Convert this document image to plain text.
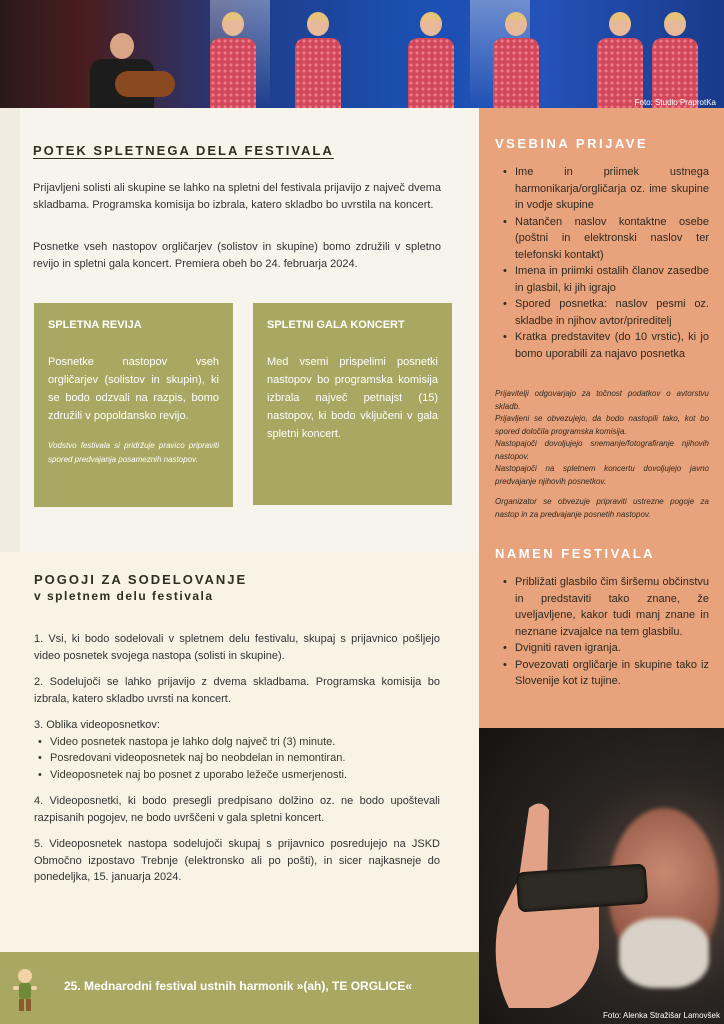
Foto: Studio PraprotKa
POTEK SPLETNEGA DELA FESTIVALA

Prijavljeni solisti ali skupine se lahko na spletni del festivala prijavijo z največ dvema skladbama. Programska komisija bo izbrala, katero skladbo bo uvrstila na koncert.

Posnetke vseh nastopov orgličarjev (solistov in skupine) bomo združili v spletno revijo in spletni gala koncert. Premiera obeh bo 24. februarja 2024.

SPLETNA REVIJA

Posnetke nastopov vseh orgličarjev (solistov in skupin), ki se bodo odzvali na razpis, bomo združili v popoldansko revijo.

Vodstvo festivala si pridržuje pravico pripraviti spored predvajanja posameznih nastopov.

SPLETNI GALA KONCERT

Med vsemi prispelimi posnetki nastopov bo programska komisija izbrala največ petnajst (15) nastopov, ki bodo vključeni v gala spletni koncert.

POGOJI ZA SODELOVANJE
v spletnem delu festivala

1. Vsi, ki bodo sodelovali v spletnem delu festivalu, skupaj s prijavnico pošljejo video posnetek svojega nastopa (solisti in skupine).

2. Sodelujoči se lahko prijavijo z dvema skladbama. Programska komisija bo izbrala, katero skladbo uvrsti na koncert.

3. Oblika videoposnetkov:

• Video posnetek nastopa je lahko dolg največ tri (3) minute.
• Posredovani videoposnetek naj bo neobdelan in nemontiran.
• Videoposnetek naj bo posnet z uporabo ležeče usmerjenosti.

4. Videoposnetki, ki bodo presegli predpisano dolžino oz. ne bodo upoštevali razpisanih pogojev, ne bodo uvrščeni v gala spletni koncert.

5. Videoposnetek nastopa sodelujoči skupaj s prijavnico posredujejo na JSKD Območno izpostavo Trebnje (elektronsko ali po pošti), in sicer najkasneje do ponedeljka, 15. januarja 2024.

25. Mednarodni festival ustnih harmonik »(ah), TE ORGLICE«
VSEBINA PRIJAVE
• Ime in priimek ustnega harmonikarja/orgličarja oz. ime skupine in vodje skupine
• Natančen naslov kontaktne osebe (poštni in elektronski naslov ter telefonski kontakt)
• Imena in priimki ostalih članov zasedbe in glasbil, ki jih igrajo
• Spored posnetka: naslov pesmi oz. skladbe in njihov avtor/prireditelj
• Kratka predstavitev (do 10 vrstic), ki jo bomo uporabili za najavo posnetka

Prijavitelji odgovarjajo za točnost podatkov o avtorstvu skladb.
Prijavljeni se obvezujejo, da bodo nastopili tako, kot bo spored določila programska komisija.
Nastopajoči dovoljujejo snemanje/fotografiranje njihovih nastopov.
Nastopajoči na spletnem koncertu dovoljujejo javno predvajanje njihovih posnetkov.

Organizator se obvezuje pripraviti ustrezne pogoje za nastop in za predvajanje posnetih nastopov.

NAMEN FESTIVALA
• Približati glasbilo čim širšemu občinstvu in predstaviti tako znane, že uveljavljene, kakor tudi manj znane in neznane izvajalce na tem glasbilu.
• Dvigniti raven igranja.
• Povezovati orgličarje in skupine tako iz Slovenije kot iz tujine.
Foto: Alenka Stražišar Lamovšek
